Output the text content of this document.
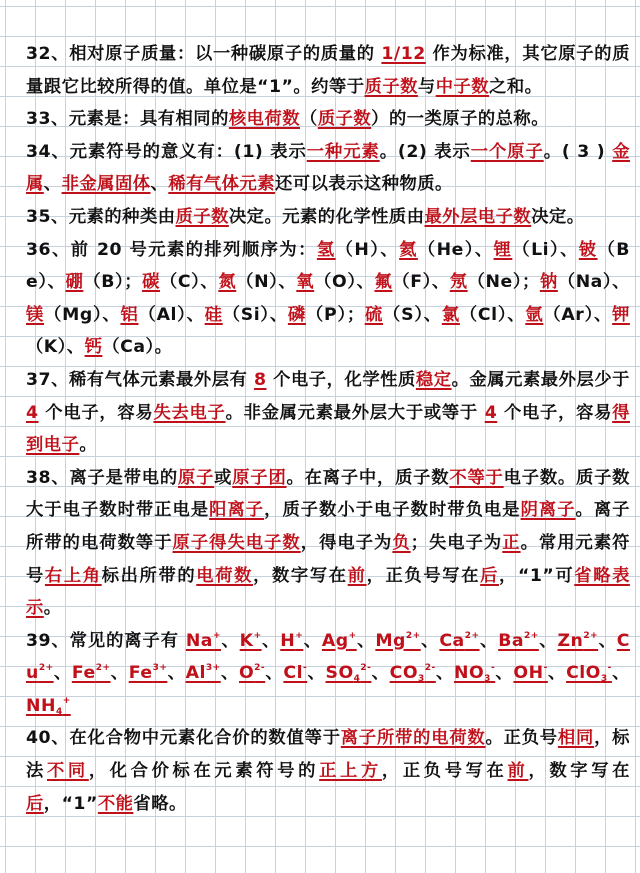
32、相对原子质量：以一种碳原子的质量的 1/12 作为标准，其它原子的质量跟它比较所得的值。单位是“1”。约等于质子数与中子数之和。

33、元素是：具有相同的核电荷数（质子数）的一类原子的总称。

34、元素符号的意义有：(1) 表示一种元素。(2) 表示一个原子。( 3 ) 金属、非金属固体、稀有气体元素还可以表示这种物质。

35、元素的种类由质子数决定。元素的化学性质由最外层电子数决定。

36、前 20 号元素的排列顺序为：氢（H）、氦（He）、锂（Li）、铍（Be）、硼（B）；碳（C）、氮（N）、氧（O）、氟（F）、氖（Ne）；钠（Na）、镁（Mg）、铝（Al）、硅（Si）、磷（P）；硫（S）、氯（Cl）、氩（Ar）、钾（K）、钙（Ca）。

37、稀有气体元素最外层有 8 个电子，化学性质稳定。金属元素最外层少于 4 个电子，容易失去电子。非金属元素最外层大于或等于 4 个电子，容易得到电子。

38、离子是带电的原子或原子团。在离子中，质子数不等于电子数。质子数大于电子数时带正电是阳离子，质子数小于电子数时带负电是阴离子。离子所带的电荷数等于原子得失电子数，得电子为负；失电子为正。常用元素符号右上角标出所带的电荷数，数字写在前，正负号写在后，“1”可省略表示。

39、常见的离子有 Na+、K+、H+、Ag+、$Mg^{2+}$、$Ca^{2+}$、$Ba^{2+}$、$Zn^{2+}$、$Cu^{2+}$、$Fe^{2+}$、$Fe^{3+}$、$Al^{3+}$、$O^{2-}$、Cl-、$SO_4^{2-}$、$CO_3^{2-}$、$NO_3^-$、OH-、ClO$_3$-、$NH_4^+$

40、在化合物中元素化合价的数值等于离子所带的电荷数。正负号相同，标法不同，化合价标在元素符号的正上方，正负号写在前，数字写在后，“1”不能省略。
